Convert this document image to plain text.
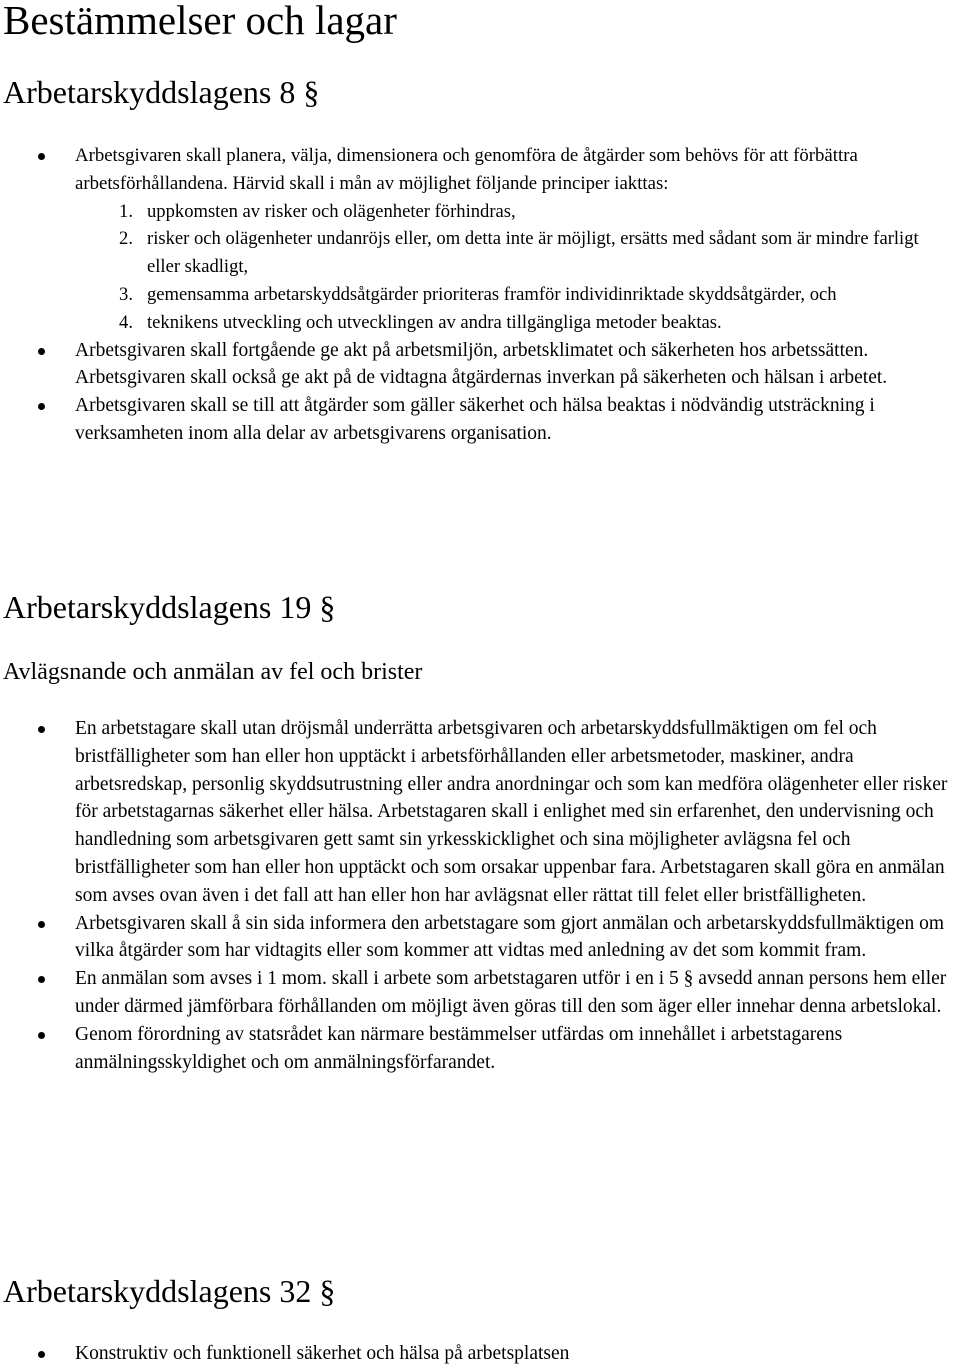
Bestämmelser och lagar
Arbetarskyddslagens 8 §
Arbetsgivaren skall planera, välja, dimensionera och genomföra de åtgärder som behövs för att förbättra arbetsförhållandena. Härvid skall i mån av möjlighet följande principer iakttas:
1. uppkomsten av risker och olägenheter förhindras,
2. risker och olägenheter undanröjs eller, om detta inte är möjligt, ersätts med sådant som är mindre farligt eller skadligt,
3. gemensamma arbetarskyddsåtgärder prioriteras framför individinriktade skyddsåtgärder, och
4. teknikens utveckling och utvecklingen av andra tillgängliga metoder beaktas.
Arbetsgivaren skall fortgående ge akt på arbetsmiljön, arbetsklimatet och säkerheten hos arbetssätten. Arbetsgivaren skall också ge akt på de vidtagna åtgärdernas inverkan på säkerheten och hälsan i arbetet.
Arbetsgivaren skall se till att åtgärder som gäller säkerhet och hälsa beaktas i nödvändig utsträckning i verksamheten inom alla delar av arbetsgivarens organisation.
Arbetarskyddslagens 19 §
Avlägsnande och anmälan av fel och brister
En arbetstagare skall utan dröjsmål underrätta arbetsgivaren och arbetarskyddsfullmäktigen om fel och bristfälligheter som han eller hon upptäckt i arbetsförhållanden eller arbetsmetoder, maskiner, andra arbetsredskap, personlig skyddsutrustning eller andra anordningar och som kan medföra olägenheter eller risker för arbetstagarnas säkerhet eller hälsa. Arbetstagaren skall i enlighet med sin erfarenhet, den undervisning och handledning som arbetsgivaren gett samt sin yrkesskicklighet och sina möjligheter avlägsna fel och bristfälligheter som han eller hon upptäckt och som orsakar uppenbar fara. Arbetstagaren skall göra en anmälan som avses ovan även i det fall att han eller hon har avlägsnat eller rättat till felet eller bristfälligheten.
Arbetsgivaren skall å sin sida informera den arbetstagare som gjort anmälan och arbetarskyddsfullmäktigen om vilka åtgärder som har vidtagits eller som kommer att vidtas med anledning av det som kommit fram.
En anmälan som avses i 1 mom. skall i arbete som arbetstagaren utför i en i 5 § avsedd annan persons hem eller under därmed jämförbara förhållanden om möjligt även göras till den som äger eller innehar denna arbetslokal.
Genom förordning av statsrådet kan närmare bestämmelser utfärdas om innehållet i arbetstagarens anmälningsskyldighet och om anmälningsförfarandet.
Arbetarskyddslagens 32 §
Konstruktiv och funktionell säkerhet och hälsa på arbetsplatsen
